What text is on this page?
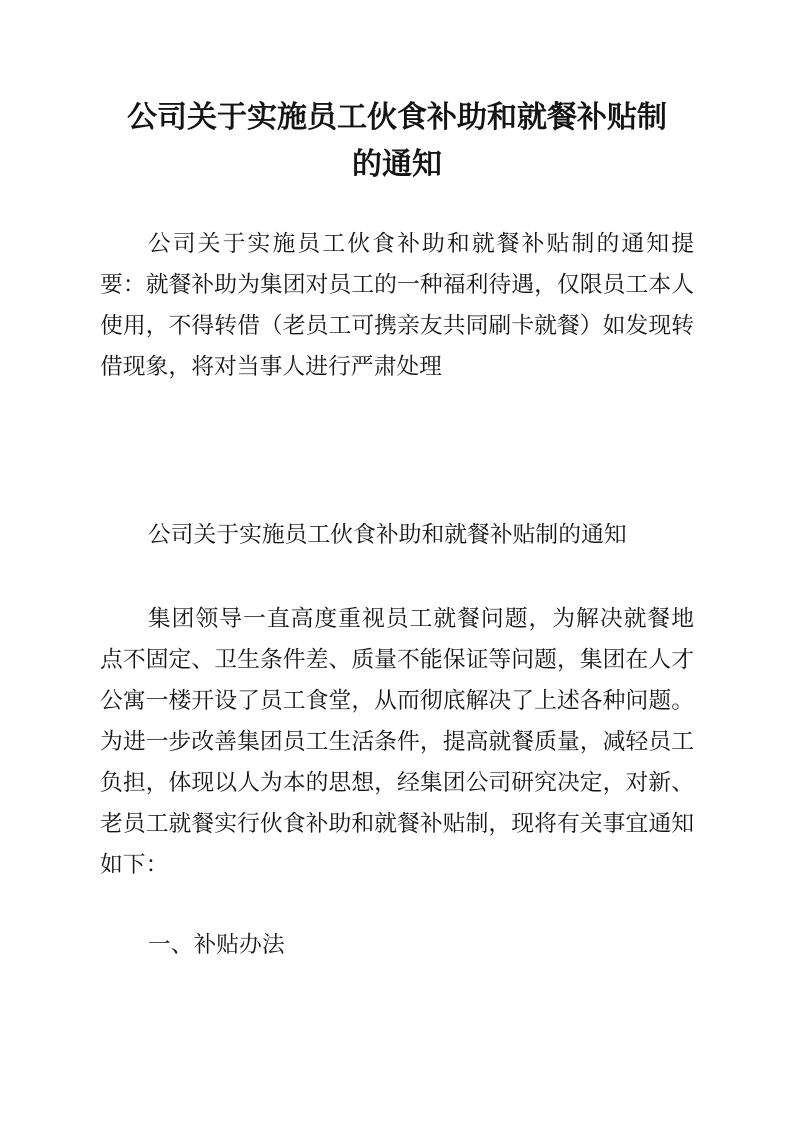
公司关于实施员工伙食补助和就餐补贴制
的通知

公司关于实施员工伙食补助和就餐补贴制的通知提要：就餐补助为集团对员工的一种福利待遇，仅限员工本人使用，不得转借（老员工可携亲友共同刷卡就餐）如发现转借现象，将对当事人进行严肃处理

公司关于实施员工伙食补助和就餐补贴制的通知

集团领导一直高度重视员工就餐问题，为解决就餐地点不固定、卫生条件差、质量不能保证等问题，集团在人才公寓一楼开设了员工食堂，从而彻底解决了上述各种问题。为进一步改善集团员工生活条件，提高就餐质量，减轻员工负担，体现以人为本的思想，经集团公司研究决定，对新、老员工就餐实行伙食补助和就餐补贴制，现将有关事宜通知如下：

一、补贴办法
